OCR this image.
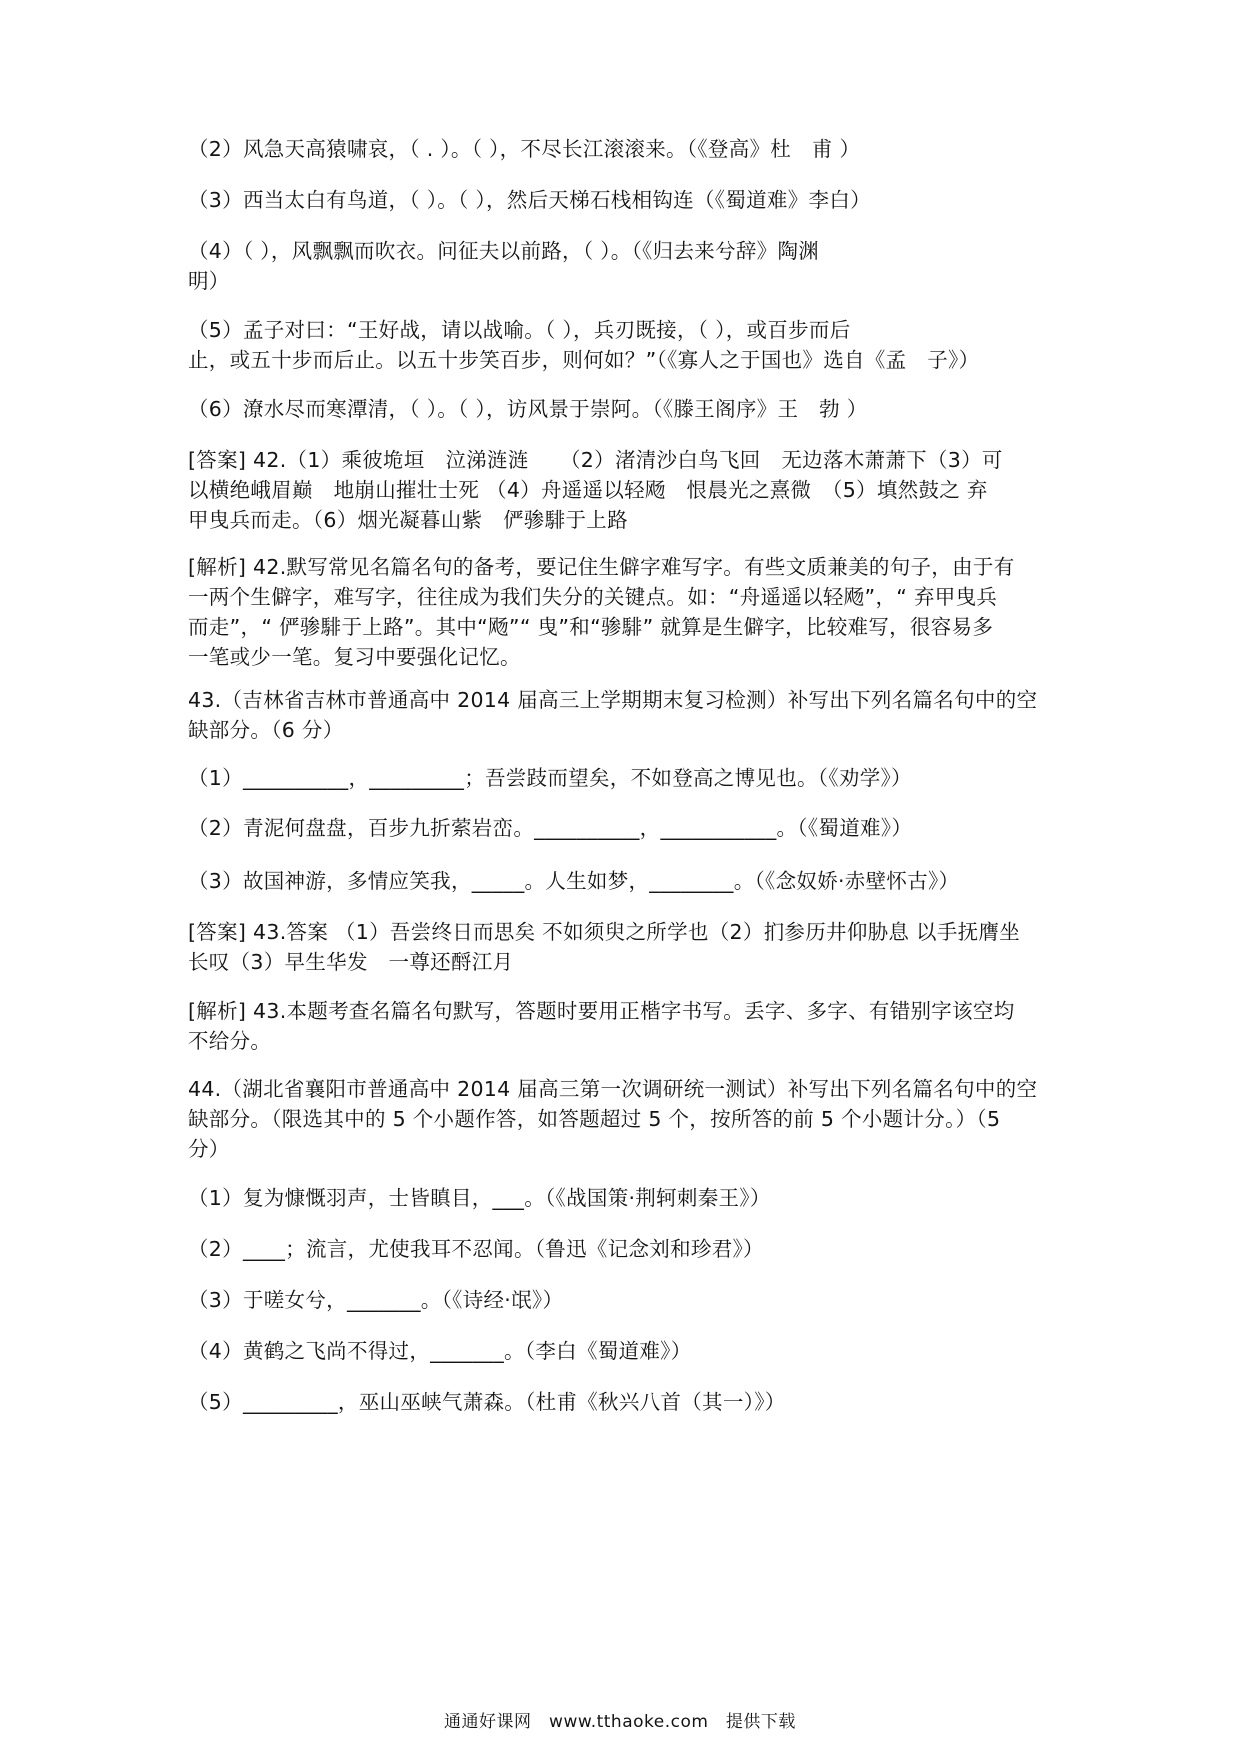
（2）风急天高猿啸哀，（ . ）。（ ），不尽长江滚滚来。（《登高》杜　甫 ）
（3）西当太白有鸟道，（ ）。（ ），然后天梯石栈相钩连（《蜀道难》李白）
（4）（ ），风飘飘而吹衣。问征夫以前路，（ ）。（《归去来兮辞》陶渊
明）
（5）孟子对曰：“王好战，请以战喻。（ ），兵刃既接，（ ），或百步而后
止，或五十步而后止。以五十步笑百步，则何如？”（《寡人之于国也》选自《孟　子》）
（6）潦水尽而寒潭清，（ ）。（ ），访风景于崇阿。（《滕王阁序》王　勃 ）
[答案] 42.（1）乘彼垝垣　泣涕涟涟　　（2）渚清沙白鸟飞回　无边落木萧萧下（3）可
以横绝峨眉巅　地崩山摧壮士死 （4）舟遥遥以轻飏　恨晨光之熹微　（5）填然鼓之 弃
甲曳兵而走。（6）烟光凝暮山紫　俨骖騑于上路
[解析] 42.默写常见名篇名句的备考，要记住生僻字难写字。有些文质兼美的句子，由于有
一两个生僻字，难写字，往往成为我们失分的关键点。如：“舟遥遥以轻飏”，“ 弃甲曳兵
而走”，“ 俨骖騑于上路”。其中“飏”“ 曳”和“骖騑” 就算是生僻字，比较难写，很容易多
一笔或少一笔。复习中要强化记忆。
43.（吉林省吉林市普通高中 2014 届高三上学期期末复习检测）补写出下列名篇名句中的空
缺部分。（6 分）
（1）__________，_________；吾尝跂而望矣，不如登高之博见也。（《劝学》）
（2）青泥何盘盘，百步九折萦岩峦。__________，___________。（《蜀道难》）
（3）故国神游，多情应笑我，_____。人生如梦，________。（《念奴娇·赤壁怀古》）
[答案] 43.答案 （1）吾尝终日而思矣 不如须臾之所学也（2）扪参历井仰胁息 以手抚膺坐
长叹（3）早生华发　一尊还酹江月
[解析] 43.本题考查名篇名句默写，答题时要用正楷字书写。丢字、多字、有错别字该空均
不给分。
44.（湖北省襄阳市普通高中 2014 届高三第一次调研统一测试）补写出下列名篇名句中的空
缺部分。（限选其中的 5 个小题作答，如答题超过 5 个，按所答的前 5 个小题计分。）（5
分）
（1）复为慷慨羽声，士皆瞋目，___。（《战国策·荆轲刺秦王》）
（2）____；流言，尤使我耳不忍闻。（鲁迅《记念刘和珍君》）
（3）于嗟女兮，_______。（《诗经·氓》）
（4）黄鹤之飞尚不得过，_______。（李白《蜀道难》）
（5）_________，巫山巫峡气萧森。（杜甫《秋兴八首（其一）》）
通通好课网　www.tthaoke.com　提供下载
